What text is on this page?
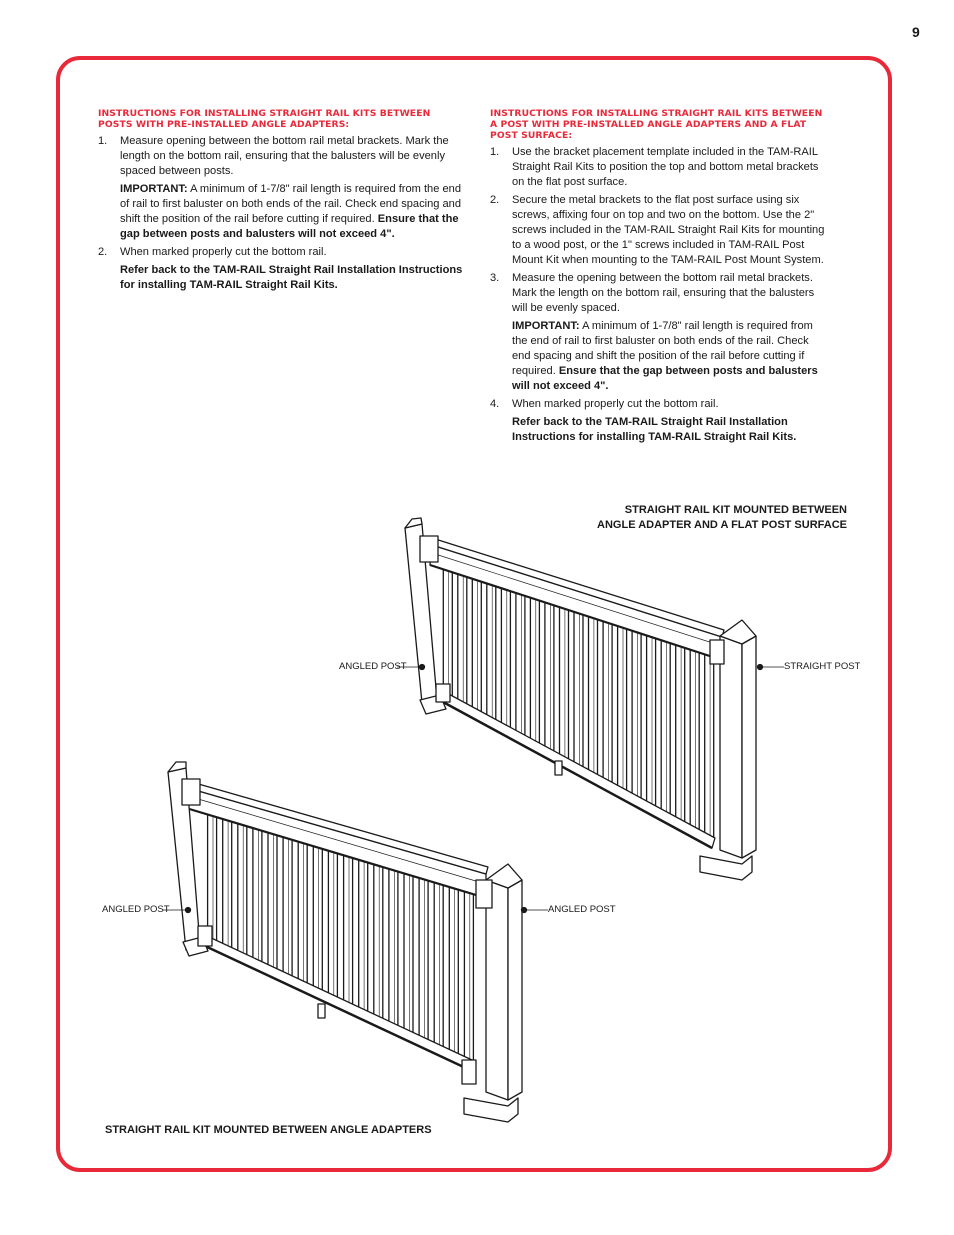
9
INSTRUCTIONS FOR INSTALLING STRAIGHT RAIL KITS BETWEEN POSTS WITH PRE-INSTALLED ANGLE ADAPTERS:
1. Measure opening between the bottom rail metal brackets. Mark the length on the bottom rail, ensuring that the balusters will be evenly spaced between posts.

IMPORTANT: A minimum of 1-7/8" rail length is required from the end of rail to first baluster on both ends of the rail. Check end spacing and shift the position of the rail before cutting if required. Ensure that the gap between posts and balusters will not exceed 4".

2. When marked properly cut the bottom rail.

Refer back to the TAM-RAIL Straight Rail Installation Instructions for installing TAM-RAIL Straight Rail Kits.

INSTRUCTIONS FOR INSTALLING STRAIGHT RAIL KITS BETWEEN A POST WITH PRE-INSTALLED ANGLE ADAPTERS AND A FLAT POST SURFACE:
1. Use the bracket placement template included in the TAM-RAIL Straight Rail Kits to position the top and bottom metal brackets on the flat post surface.

2. Secure the metal brackets to the flat post surface using six screws, affixing four on top and two on the bottom. Use the 2" screws included in the TAM-RAIL Straight Rail Kits for mounting to a wood post, or the 1" screws included in TAM-RAIL Post Mount Kit when mounting to the TAM-RAIL Post Mount System.

3. Measure the opening between the bottom rail metal brackets. Mark the length on the bottom rail, ensuring that the balusters will be evenly spaced.

IMPORTANT: A minimum of 1-7/8" rail length is required from the end of rail to first baluster on both ends of the rail. Check end spacing and shift the position of the rail before cutting if required. Ensure that the gap between posts and balusters will not exceed 4".

4. When marked properly cut the bottom rail.

Refer back to the TAM-RAIL Straight Rail Installation Instructions for installing TAM-RAIL Straight Rail Kits.

STRAIGHT RAIL KIT MOUNTED BETWEEN
ANGLE ADAPTER AND A FLAT POST SURFACE
STRAIGHT RAIL KIT MOUNTED BETWEEN ANGLE ADAPTERS
ANGLED POST	STRAIGHT POST
ANGLED POST	ANGLED POST
